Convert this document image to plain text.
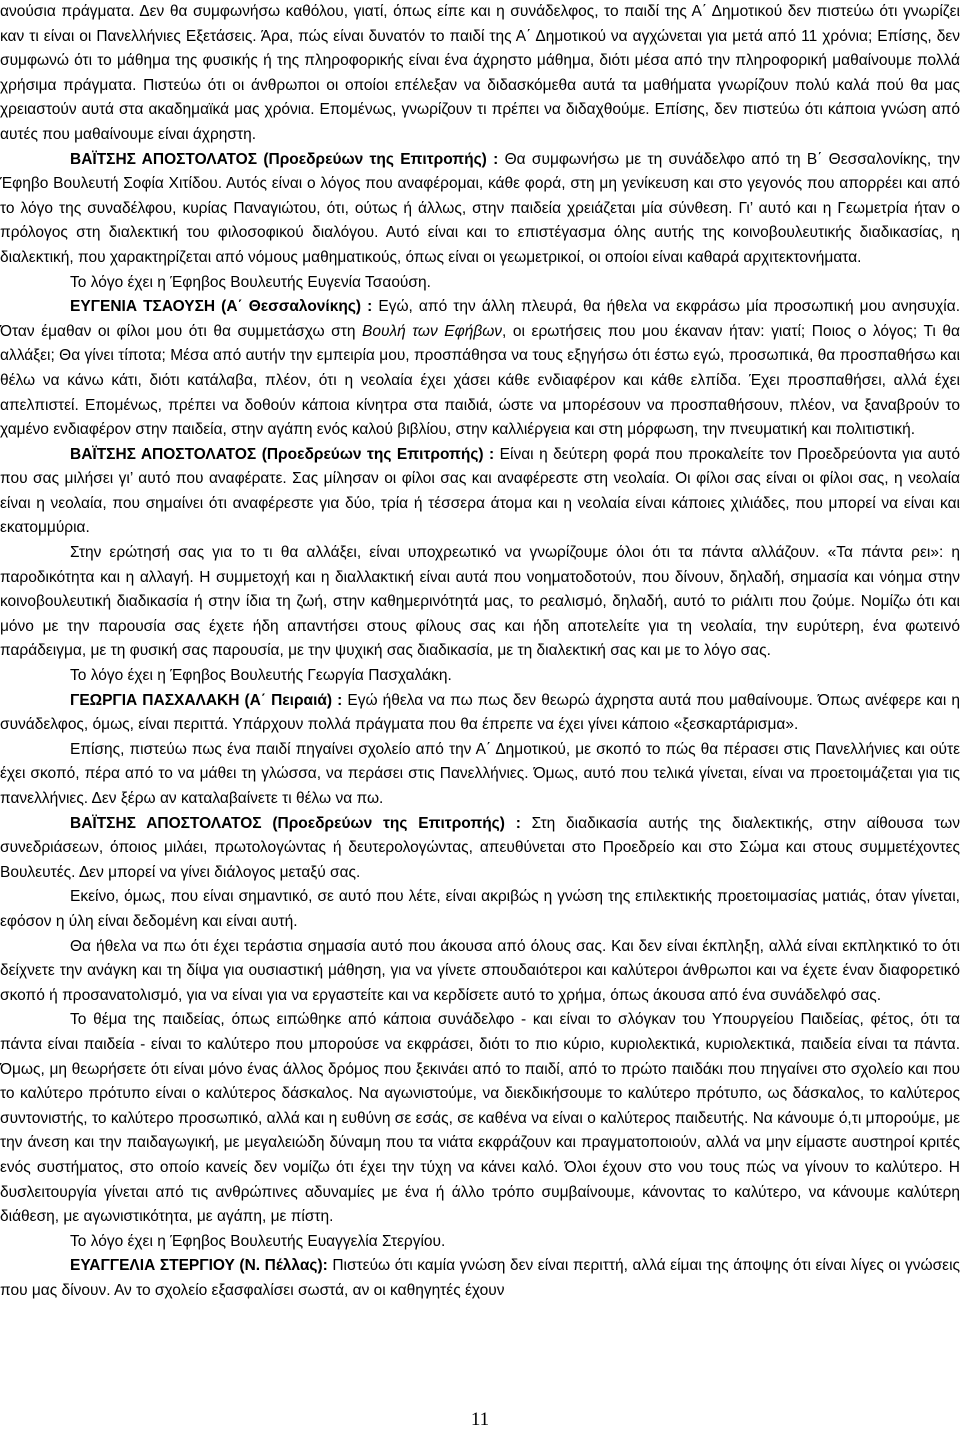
ανούσια πράγματα. Δεν θα συμφωνήσω καθόλου, γιατί, όπως είπε και η συνάδελφος, το παιδί της Α΄ Δημοτικού δεν πιστεύω ότι γνωρίζει καν τι είναι οι Πανελλήνιες Εξετάσεις. Άρα, πώς είναι δυνατόν το παιδί της Α΄ Δημοτικού να αγχώνεται για μετά από 11 χρόνια; Επίσης, δεν συμφωνώ ότι το μάθημα της φυσικής ή της πληροφορικής είναι ένα άχρηστο μάθημα, διότι μέσα από την πληροφορική μαθαίνουμε πολλά χρήσιμα πράγματα. Πιστεύω ότι οι άνθρωποι οι οποίοι επέλεξαν να διδασκόμεθα αυτά τα μαθήματα γνωρίζουν πολύ καλά πού θα μας χρειαστούν αυτά στα ακαδημαϊκά μας χρόνια. Επομένως, γνωρίζουν τι πρέπει να διδαχθούμε. Επίσης, δεν πιστεύω ότι κάποια γνώση από αυτές που μαθαίνουμε είναι άχρηστη.

ΒΑΪΤΣΗΣ ΑΠΟΣΤΟΛΑΤΟΣ (Προεδρεύων της Επιτροπής) : Θα συμφωνήσω με τη συνάδελφο από τη Β΄ Θεσσαλονίκης, την Έφηβο Βουλευτή Σοφία Χιτίδου. Αυτός είναι ο λόγος που αναφέρομαι, κάθε φορά, στη μη γενίκευση και στο γεγονός που απορρέει και από το λόγο της συναδέλφου, κυρίας Παναγιώτου, ότι, ούτως ή άλλως, στην παιδεία χρειάζεται μία σύνθεση. Γι’ αυτό και η Γεωμετρία ήταν ο πρόλογος στη διαλεκτική του φιλοσοφικού διαλόγου. Αυτό είναι και το επιστέγασμα όλης αυτής της κοινοβουλευτικής διαδικασίας, η διαλεκτική, που χαρακτηρίζεται από νόμους μαθηματικούς, όπως είναι οι γεωμετρικοί, οι οποίοι είναι καθαρά αρχιτεκτονήματα.

Το λόγο έχει η Έφηβος Βουλευτής Ευγενία Τσαούση.

ΕΥΓΕΝΙΑ ΤΣΑΟΥΣΗ (Α΄ Θεσσαλονίκης) : Εγώ, από την άλλη πλευρά, θα ήθελα να εκφράσω μία προσωπική μου ανησυχία. Όταν έμαθαν οι φίλοι μου ότι θα συμμετάσχω στη Βουλή των Εφήβων, οι ερωτήσεις που μου έκαναν ήταν: γιατί; Ποιος ο λόγος; Τι θα αλλάξει; Θα γίνει τίποτα; Μέσα από αυτήν την εμπειρία μου, προσπάθησα να τους εξηγήσω ότι έστω εγώ, προσωπικά, θα προσπαθήσω και θέλω να κάνω κάτι, διότι κατάλαβα, πλέον, ότι η νεολαία έχει χάσει κάθε ενδιαφέρον και κάθε ελπίδα. Έχει προσπαθήσει, αλλά έχει απελπιστεί. Επομένως, πρέπει να δοθούν κάποια κίνητρα στα παιδιά, ώστε να μπορέσουν να προσπαθήσουν, πλέον, να ξαναβρούν το χαμένο ενδιαφέρον στην παιδεία, στην αγάπη ενός καλού βιβλίου, στην καλλιέργεια και στη μόρφωση, την πνευματική και πολιτιστική.

ΒΑΪΤΣΗΣ ΑΠΟΣΤΟΛΑΤΟΣ (Προεδρεύων της Επιτροπής) : Είναι η δεύτερη φορά που προκαλείτε τον Προεδρεύοντα για αυτό που σας μιλήσει γι’ αυτό που αναφέρατε. Σας μίλησαν οι φίλοι σας και αναφέρεστε στη νεολαία. Οι φίλοι σας είναι οι φίλοι σας, η νεολαία είναι η νεολαία, που σημαίνει ότι αναφέρεστε για δύο, τρία ή τέσσερα άτομα και η νεολαία είναι κάποιες χιλιάδες, που μπορεί να είναι και εκατομμύρια.

Στην ερώτησή σας για το τι θα αλλάξει, είναι υποχρεωτικό να γνωρίζουμε όλοι ότι τα πάντα αλλάζουν. «Τα πάντα ρει»: η παροδικότητα και η αλλαγή. Η συμμετοχή και η διαλλακτική είναι αυτά που νοηματοδοτούν, που δίνουν, δηλαδή, σημασία και νόημα στην κοινοβουλευτική διαδικασία ή στην ίδια τη ζωή, στην καθημερινότητά μας, το ρεαλισμό, δηλαδή, αυτό το ριάλιτι που ζούμε. Νομίζω ότι και μόνο με την παρουσία σας έχετε ήδη απαντήσει στους φίλους σας και ήδη αποτελείτε για τη νεολαία, την ευρύτερη, ένα φωτεινό παράδειγμα, με τη φυσική σας παρουσία, με την ψυχική σας διαδικασία, με τη διαλεκτική σας και με το λόγο σας.

Το λόγο έχει η Έφηβος Βουλευτής Γεωργία Πασχαλάκη.

ΓΕΩΡΓΙΑ ΠΑΣΧΑΛΑΚΗ (Α΄ Πειραιά) : Εγώ ήθελα να πω πως δεν θεωρώ άχρηστα αυτά που μαθαίνουμε. Όπως ανέφερε και η συνάδελφος, όμως, είναι περιττά. Υπάρχουν πολλά πράγματα που θα έπρεπε να έχει γίνει κάποιο «ξεσκαρτάρισμα».

Επίσης, πιστεύω πως ένα παιδί πηγαίνει σχολείο από την Α΄ Δημοτικού, με σκοπό το πώς θα πέρασει στις Πανελλήνιες και ούτε έχει σκοπό, πέρα από το να μάθει τη γλώσσα, να περάσει στις Πανελλήνιες. Όμως, αυτό που τελικά γίνεται, είναι να προετοιμάζεται για τις πανελλήνιες. Δεν ξέρω αν καταλαβαίνετε τι θέλω να πω.

ΒΑΪΤΣΗΣ ΑΠΟΣΤΟΛΑΤΟΣ (Προεδρεύων της Επιτροπής) : Στη διαδικασία αυτής της διαλεκτικής, στην αίθουσα των συνεδριάσεων, όποιος μιλάει, πρωτολογώντας ή δευτερολογώντας, απευθύνεται στο Προεδρείο και στο Σώμα και στους συμμετέχοντες Βουλευτές. Δεν μπορεί να γίνει διάλογος μεταξύ σας.

Εκείνο, όμως, που είναι σημαντικό, σε αυτό που λέτε, είναι ακριβώς η γνώση της επιλεκτικής προετοιμασίας ματιάς, όταν γίνεται, εφόσον η ύλη είναι δεδομένη και είναι αυτή.

Θα ήθελα να πω ότι έχει τεράστια σημασία αυτό που άκουσα από όλους σας. Και δεν είναι έκπληξη, αλλά είναι εκπληκτικό το ότι δείχνετε την ανάγκη και τη δίψα για ουσιαστική μάθηση, για να γίνετε σπουδαιότεροι και καλύτεροι άνθρωποι και να έχετε έναν διαφορετικό σκοπό ή προσανατολισμό, για να είναι για να εργαστείτε και να κερδίσετε αυτό το χρήμα, όπως άκουσα από ένα συνάδελφό σας.

Το θέμα της παιδείας, όπως ειπώθηκε από κάποια συνάδελφο - και είναι το σλόγκαν του Υπουργείου Παιδείας, φέτος, ότι τα πάντα είναι παιδεία - είναι το καλύτερο που μπορούσε να εκφράσει, διότι το πιο κύριο, κυριολεκτικά, κυριολεκτικά, παιδεία είναι τα πάντα. Όμως, μη θεωρήσετε ότι είναι μόνο ένας άλλος δρόμος που ξεκινάει από το παιδί, από το πρώτο παιδάκι που πηγαίνει στο σχολείο και που το καλύτερο πρότυπο είναι ο καλύτερος δάσκαλος. Να αγωνιστούμε, να διεκδικήσουμε το καλύτερο πρότυπο, ως δάσκαλος, το καλύτερος συντονιστής, το καλύτερο προσωπικό, αλλά και η ευθύνη σε εσάς, σε καθένα να είναι ο καλύτερος παιδευτής. Να κάνουμε ό,τι μπορούμε, με την άνεση και την παιδαγωγική, με μεγαλειώδη δύναμη που τα νιάτα εκφράζουν και πραγματοποιούν, αλλά να μην είμαστε αυστηροί κριτές ενός συστήματος, στο οποίο κανείς δεν νομίζω ότι έχει την τύχη να κάνει καλό. Όλοι έχουν στο νου τους πώς να γίνουν το καλύτερο. Η δυσλειτουργία γίνεται από τις ανθρώπινες αδυναμίες με ένα ή άλλο τρόπο συμβαίνουμε, κάνοντας το καλύτερο, να κάνουμε καλύτερη διάθεση, με αγωνιστικότητα, με αγάπη, με πίστη.

Το λόγο έχει η Έφηβος Βουλευτής Ευαγγελία Στεργίου.

ΕΥΑΓΓΕΛΙΑ ΣΤΕΡΓΙΟΥ (Ν. Πέλλας): Πιστεύω ότι καμία γνώση δεν είναι περιττή, αλλά είμαι της άποψης ότι είναι λίγες οι γνώσεις που μας δίνουν. Αν το σχολείο εξασφαλίσει σωστά, αν οι καθηγητές έχουν

11
